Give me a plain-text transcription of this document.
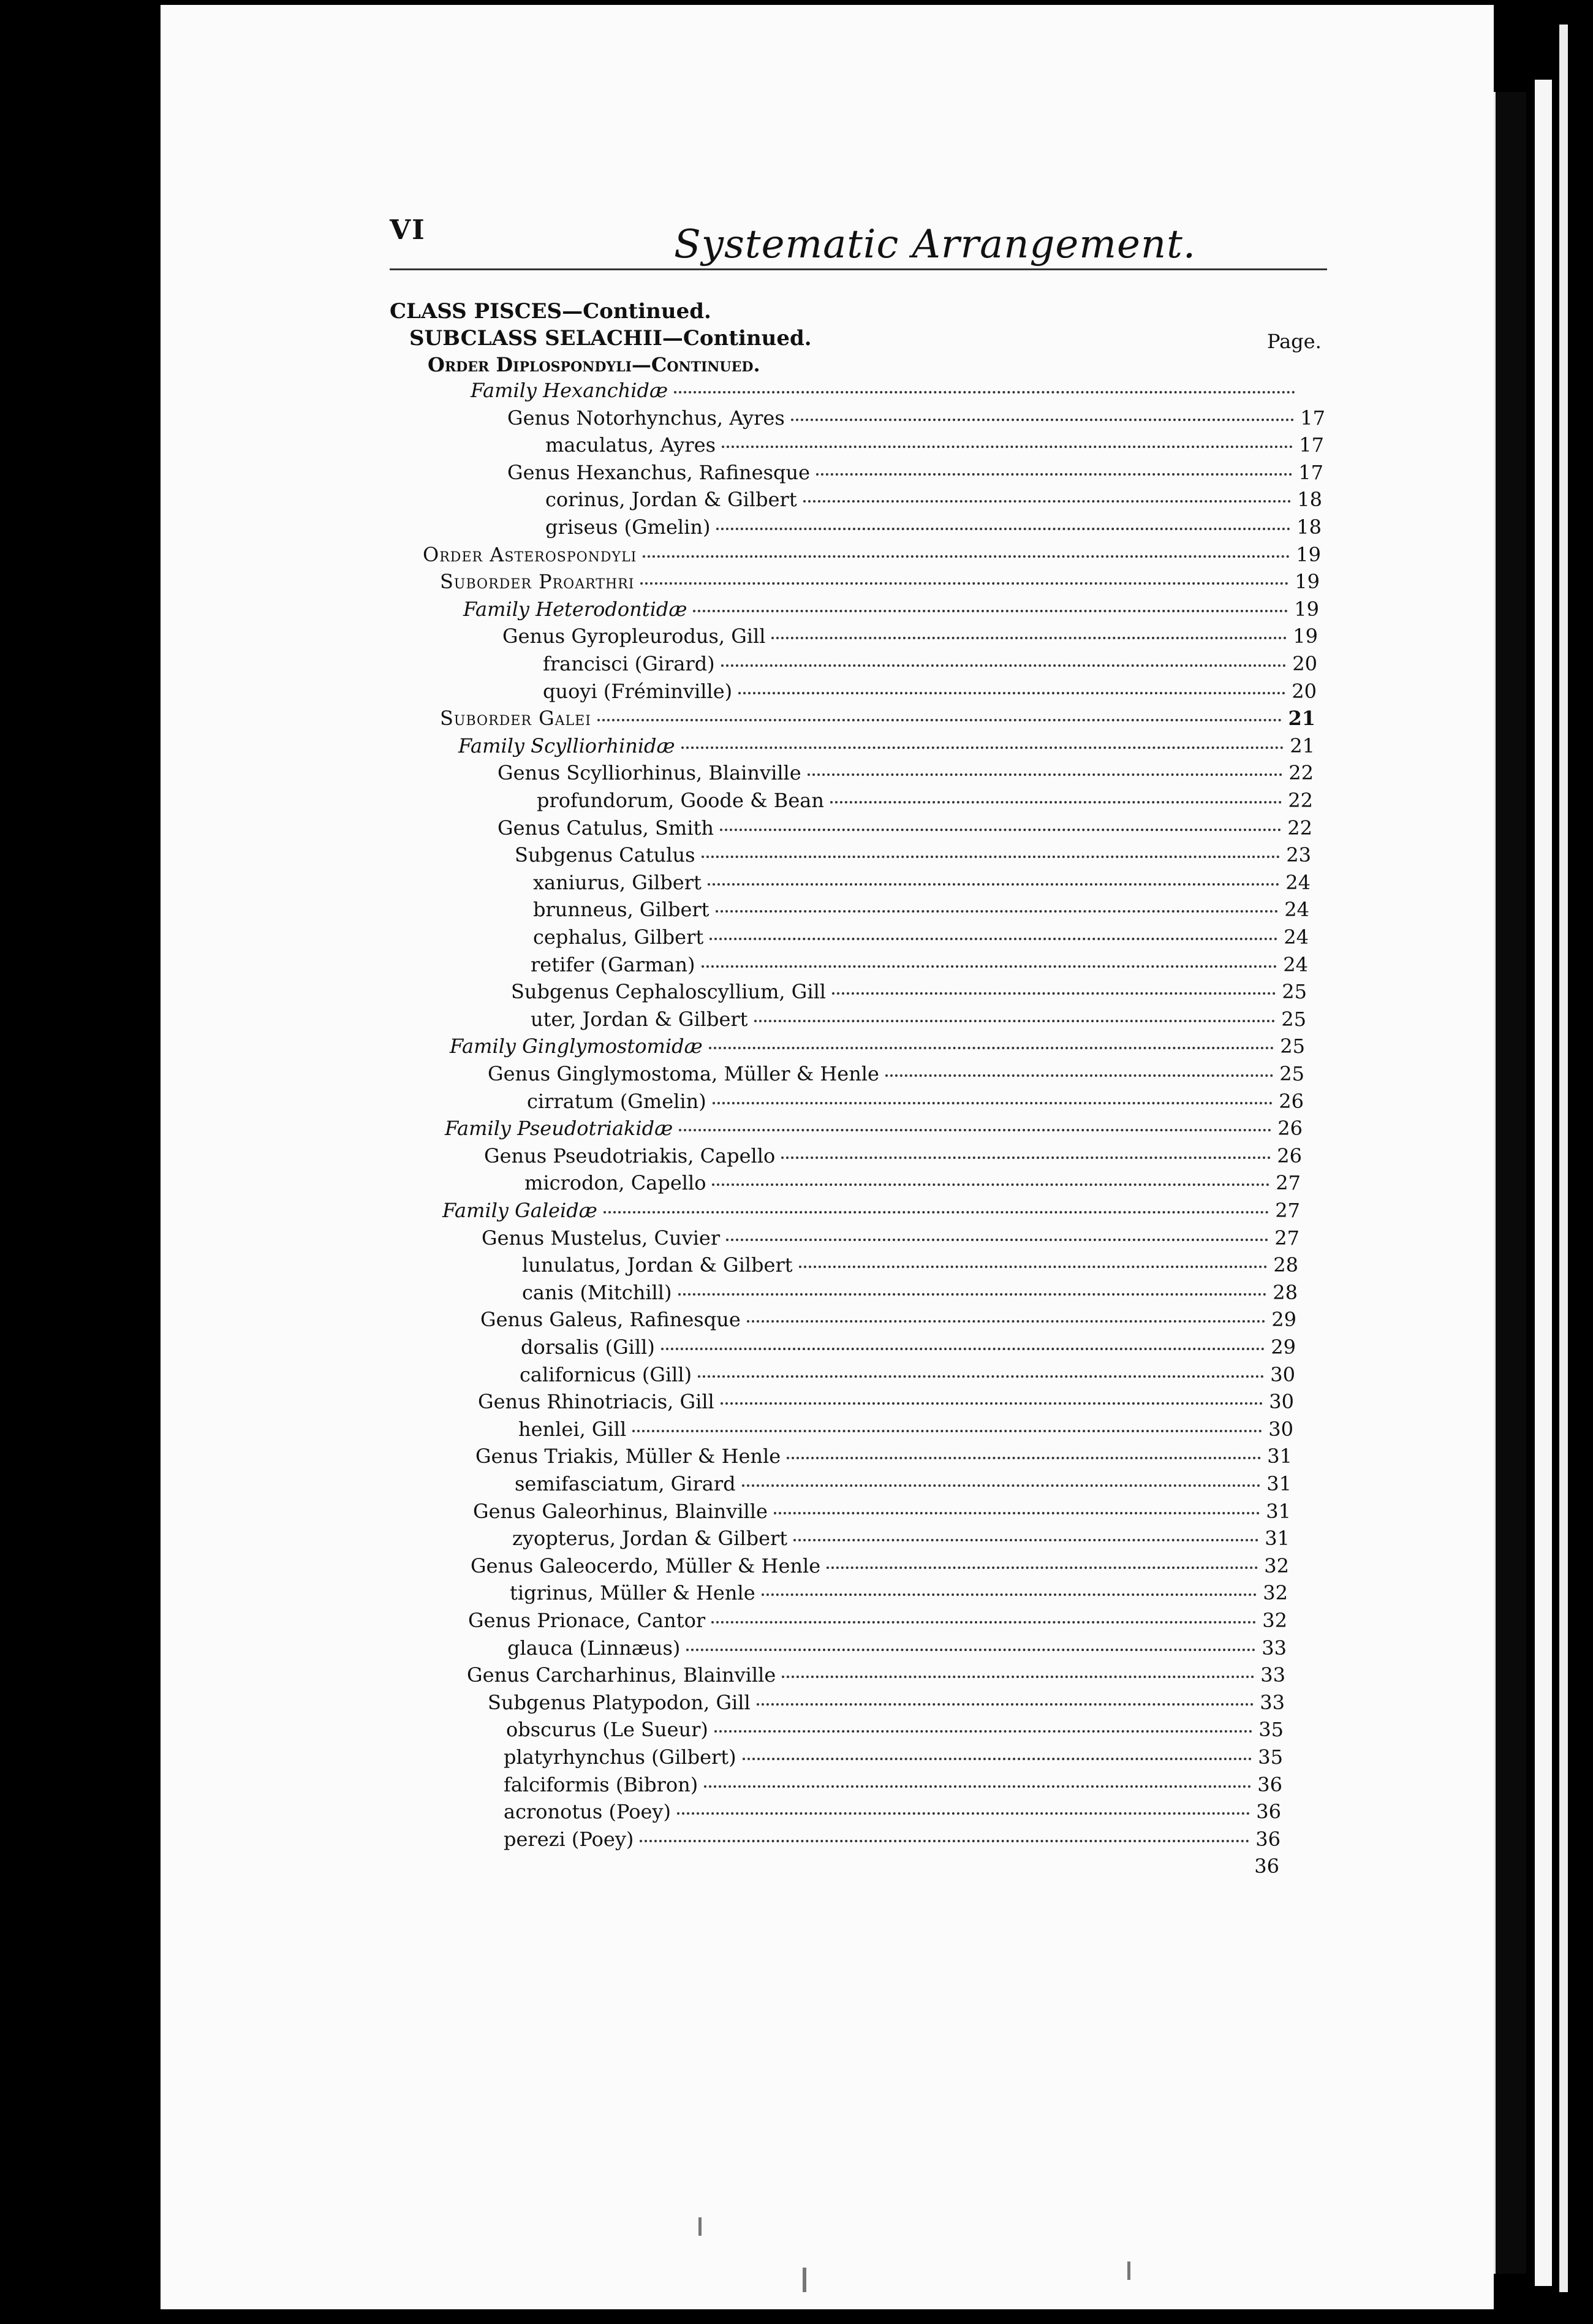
VI	Systematic Arrangement.
CLASS PISCES—Continued.
SUBCLASS SELACHII—Continued.
Order Diplospondyli—Continued.
Page.
Family Hexanchidæ
Genus Notorhynchus, Ayres	17
maculatus, Ayres	17
Genus Hexanchus, Rafinesque	17
corinus, Jordan & Gilbert	18
griseus (Gmelin)	18
Order Asterospondyli	19
Suborder Proarthri	19
Family Heterodontidæ	19
Genus Gyropleurodus, Gill	19
francisci (Girard)	20
quoyi (Fréminville)	20
Suborder Galei	21
Family Scylliorhinidæ	21
Genus Scylliorhinus, Blainville	22
profundorum, Goode & Bean	22
Genus Catulus, Smith	22
Subgenus Catulus	23
xaniurus, Gilbert	24
brunneus, Gilbert	24
cephalus, Gilbert	24
retifer (Garman)	24
Subgenus Cephaloscyllium, Gill	25
uter, Jordan & Gilbert	25
Family Ginglymostomidæ	25
Genus Ginglymostoma, Müller & Henle	25
cirratum (Gmelin)	26
Family Pseudotriakidæ	26
Genus Pseudotriakis, Capello	26
microdon, Capello	27
Family Galeidæ	27
Genus Mustelus, Cuvier	27
lunulatus, Jordan & Gilbert	28
canis (Mitchill)	28
Genus Galeus, Rafinesque	29
dorsalis (Gill)	29
californicus (Gill)	30
Genus Rhinotriacis, Gill	30
henlei, Gill	30
Genus Triakis, Müller & Henle	31
semifasciatum, Girard	31
Genus Galeorhinus, Blainville	31
zyopterus, Jordan & Gilbert	31
Genus Galeocerdo, Müller & Henle	32
tigrinus, Müller & Henle	32
Genus Prionace, Cantor	32
glauca (Linnæus)	33
Genus Carcharhinus, Blainville	33
Subgenus Platypodon, Gill	33
obscurus (Le Sueur)	35
platyrhynchus (Gilbert)	35
falciformis (Bibron)	36
acronotus (Poey)	36
perezi (Poey)	36
36
